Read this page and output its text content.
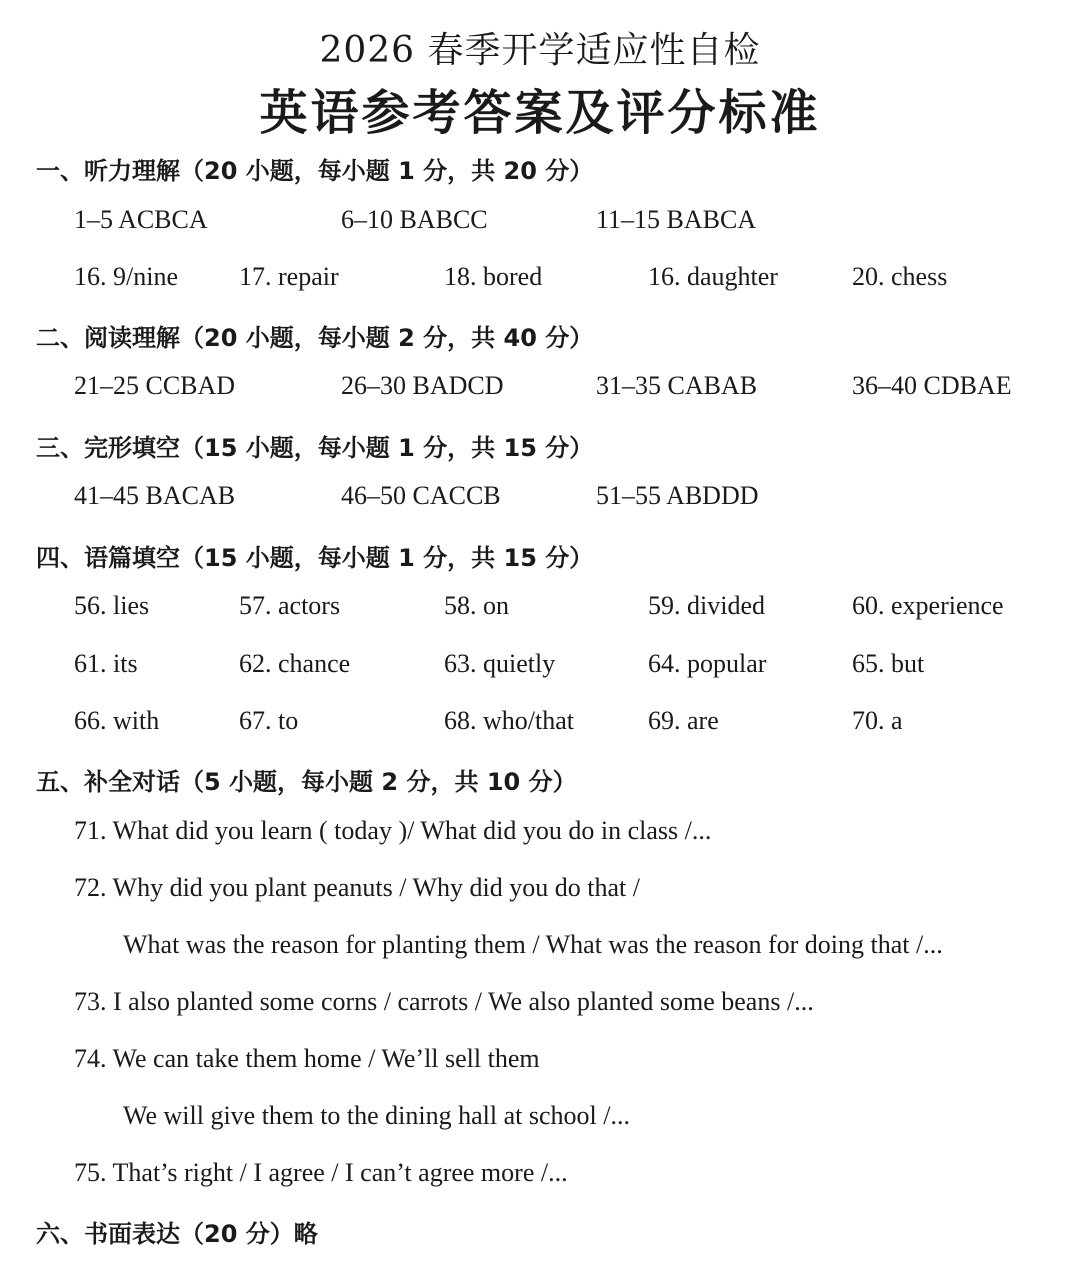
2026 春季开学适应性自检
英语参考答案及评分标准
一、听力理解（20 小题，每小题 1 分，共 20 分）
1–5 ACBCA	6–10 BABCC	11–15 BABCA
16. 9/nine 17. repair	18. bored	16. daughter	20. chess
二、阅读理解（20 小题，每小题 2 分，共 40 分）
21–25 CCBAD	26–30 BADCD	31–35 CABAB	36–40 CDBAE
三、完形填空（15 小题，每小题 1 分，共 15 分）
41–45 BACAB	46–50 CACCB	51–55 ABDDD
四、语篇填空（15 小题，每小题 1 分，共 15 分）
56. lies	57. actors	58. on	59. divided	60. experience
61. its	62. chance	63. quietly	64. popular	65. but
66. with	67. to	68. who/that	69. are	70. a
五、补全对话（5 小题，每小题 2 分，共 10 分）
71. What did you learn ( today )/ What did you do in class /...
72. Why did you plant peanuts / Why did you do that /
What was the reason for planting them / What was the reason for doing that /...
73. I also planted some corns / carrots / We also planted some beans /...
74. We can take them home / We’ll sell them
We will give them to the dining hall at school /...
75. That’s right / I agree / I can’t agree more /...
六、书面表达（20 分）略
